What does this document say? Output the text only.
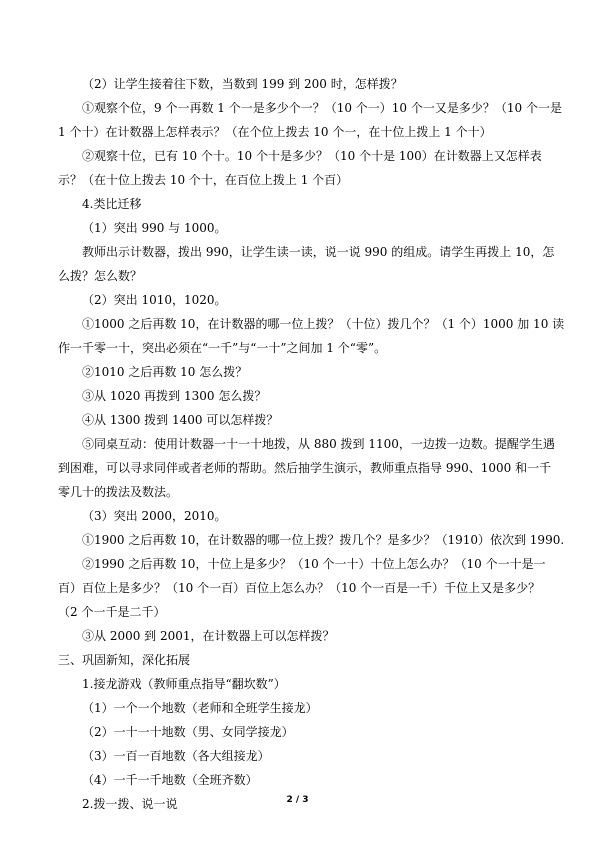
（2）让学生接着往下数，当数到 199 到 200 时，怎样拨？
①观察个位，9 个一再数 1 个一是多少个一？（10 个一）10 个一又是多少？（10 个一是
1 个十）在计数器上怎样表示？（在个位上拨去 10 个一，在十位上拨上 1 个十）
②观察十位，已有 10 个十。10 个十是多少？（10 个十是 100）在计数器上又怎样表
示？（在十位上拨去 10 个十，在百位上拨上 1 个百）
4.类比迁移
（1）突出 990 与 1000。
教师出示计数器，拨出 990，让学生读一读，说一说 990 的组成。请学生再拨上 10，怎
么拨？怎么数？
（2）突出 1010，1020。
①1000 之后再数 10，在计数器的哪一位上拨？（十位）拨几个？（1 个）1000 加 10 读
作一千零一十，突出必须在“一千”与“一十”之间加 1 个“零”。
②1010 之后再数 10 怎么拨？
③从 1020 再拨到 1300 怎么拨？
④从 1300 拨到 1400 可以怎样拨？
⑤同桌互动：使用计数器一十一十地拨，从 880 拨到 1100，一边拨一边数。提醒学生遇
到困难，可以寻求同伴或者老师的帮助。然后抽学生演示，教师重点指导 990、1000 和一千
零几十的拨法及数法。
（3）突出 2000，2010。
①1900 之后再数 10，在计数器的哪一位上拨？拨几个？是多少？（1910）依次到 1990.
②1990 之后再数 10，十位上是多少？（10 个一十）十位上怎么办？（10 个一十是一
百）百位上是多少？（10 个一百）百位上怎么办？（10 个一百是一千）千位上又是多少？
（2 个一千是二千）
③从 2000 到 2001，在计数器上可以怎样拨？
三、巩固新知，深化拓展
1.接龙游戏（教师重点指导“翻坎数”）
（1）一个一个地数（老师和全班学生接龙）
（2）一十一十地数（男、女同学接龙）
（3）一百一百地数（各大组接龙）
（4）一千一千地数（全班齐数）
2.拨一拨、说一说	2 / 3
